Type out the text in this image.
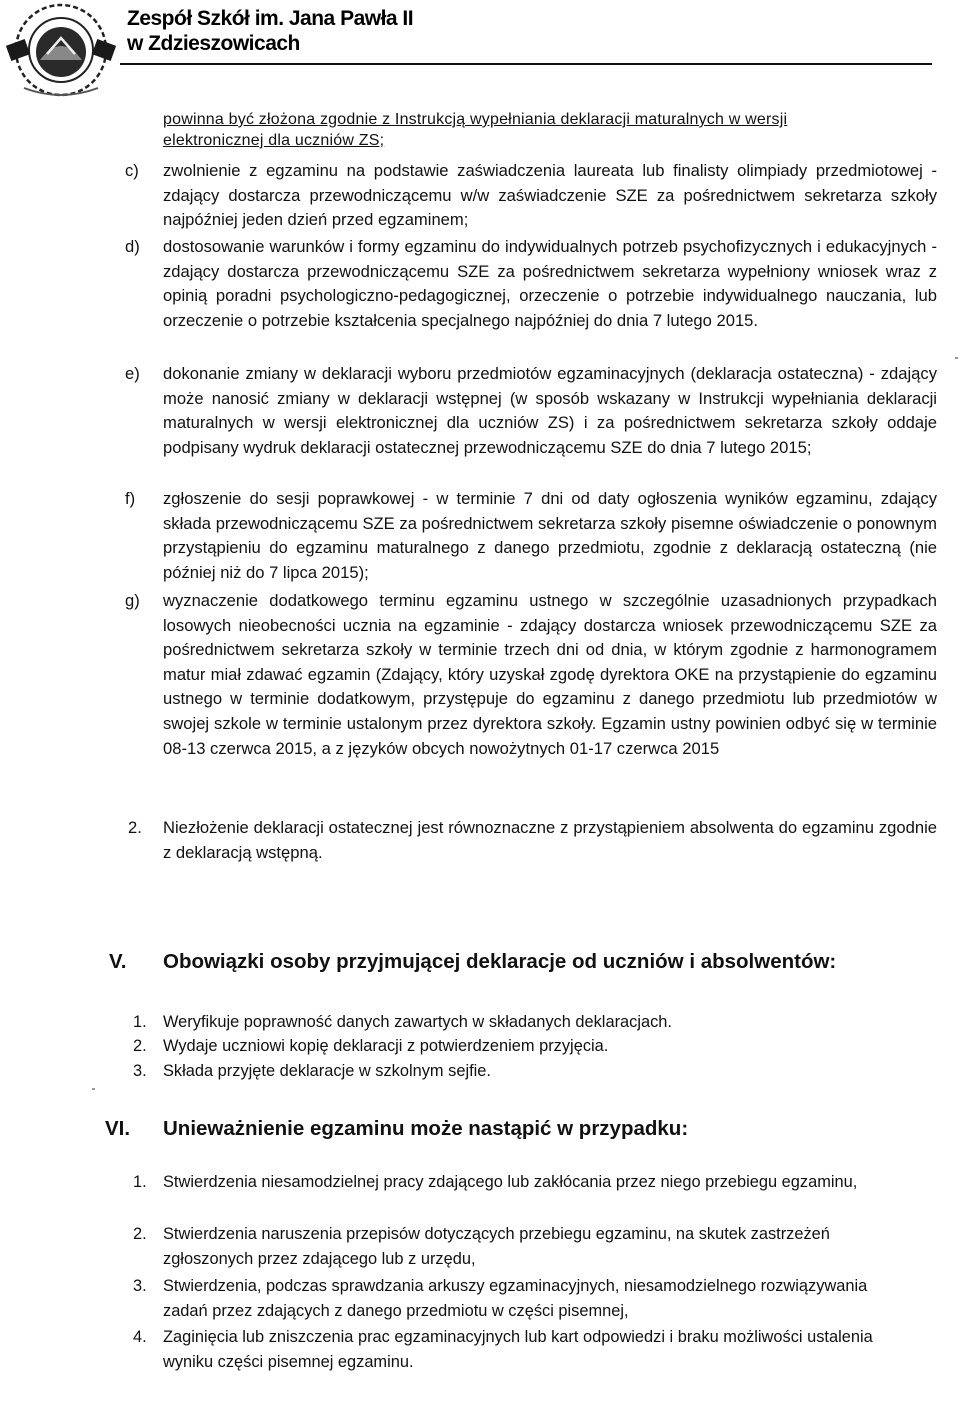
Zespół Szkół im. Jana Pawła II
w Zdzieszowicach
powinna być złożona zgodnie z Instrukcją wypełniania deklaracji maturalnych w wersji
elektronicznej dla uczniów ZS;
c) zwolnienie z egzaminu na podstawie zaświadczenia laureata lub finalisty olimpiady przedmiotowej - zdający dostarcza przewodniczącemu w/w zaświadczenie SZE za pośrednictwem sekretarza szkoły najpóźniej jeden dzień przed egzaminem;
d) dostosowanie warunków i formy egzaminu do indywidualnych potrzeb psychofizycznych i edukacyjnych - zdający dostarcza przewodniczącemu SZE za pośrednictwem sekretarza wypełniony wniosek wraz z opinią poradni psychologiczno-pedagogicznej, orzeczenie o potrzebie indywidualnego nauczania, lub orzeczenie o potrzebie kształcenia specjalnego najpóźniej do dnia 7 lutego 2015.
e) dokonanie zmiany w deklaracji wyboru przedmiotów egzaminacyjnych (deklaracja ostateczna) - zdający może nanosić zmiany w deklaracji wstępnej (w sposób wskazany w Instrukcji wypełniania deklaracji maturalnych w wersji elektronicznej dla uczniów ZS) i za pośrednictwem sekretarza szkoły oddaje podpisany wydruk deklaracji ostatecznej przewodniczącemu SZE do dnia 7 lutego 2015;
f) zgłoszenie do sesji poprawkowej - w terminie 7 dni od daty ogłoszenia wyników egzaminu, zdający składa przewodniczącemu SZE za pośrednictwem sekretarza szkoły pisemne oświadczenie o ponownym przystąpieniu do egzaminu maturalnego z danego przedmiotu, zgodnie z deklaracją ostateczną (nie później niż do 7 lipca 2015);
g) wyznaczenie dodatkowego terminu egzaminu ustnego w szczególnie uzasadnionych przypadkach losowych nieobecności ucznia na egzaminie - zdający dostarcza wniosek przewodniczącemu SZE za pośrednictwem sekretarza szkoły w terminie trzech dni od dnia, w którym zgodnie z harmonogramem matur miał zdawać egzamin (Zdający, który uzyskał zgodę dyrektora OKE na przystąpienie do egzaminu ustnego w terminie dodatkowym, przystępuje do egzaminu z danego przedmiotu lub przedmiotów w swojej szkole w terminie ustalonym przez dyrektora szkoły. Egzamin ustny powinien odbyć się w terminie 08-13 czerwca 2015, a z języków obcych nowożytnych 01-17 czerwca 2015
2. Niezłożenie deklaracji ostatecznej jest równoznaczne z przystąpieniem absolwenta do egzaminu zgodnie z deklaracją wstępną.
V. Obowiązki osoby przyjmującej deklaracje od uczniów i absolwentów:
1. Weryfikuje poprawność danych zawartych w składanych deklaracjach.
2. Wydaje uczniowi kopię deklaracji z potwierdzeniem przyjęcia.
3. Składa przyjęte deklaracje w szkolnym sejfie.
VI. Unieważnienie egzaminu może nastąpić w przypadku:
1. Stwierdzenia niesamodzielnej pracy zdającego lub zakłócania przez niego przebiegu egzaminu,
2. Stwierdzenia naruszenia przepisów dotyczących przebiegu egzaminu, na skutek zastrzeżeń zgłoszonych przez zdającego lub z urzędu,
3. Stwierdzenia, podczas sprawdzania arkuszy egzaminacyjnych, niesamodzielnego rozwiązywania zadań przez zdających z danego przedmiotu w części pisemnej,
4. Zaginięcia lub zniszczenia prac egzaminacyjnych lub kart odpowiedzi i braku możliwości ustalenia wyniku części pisemnej egzaminu.
